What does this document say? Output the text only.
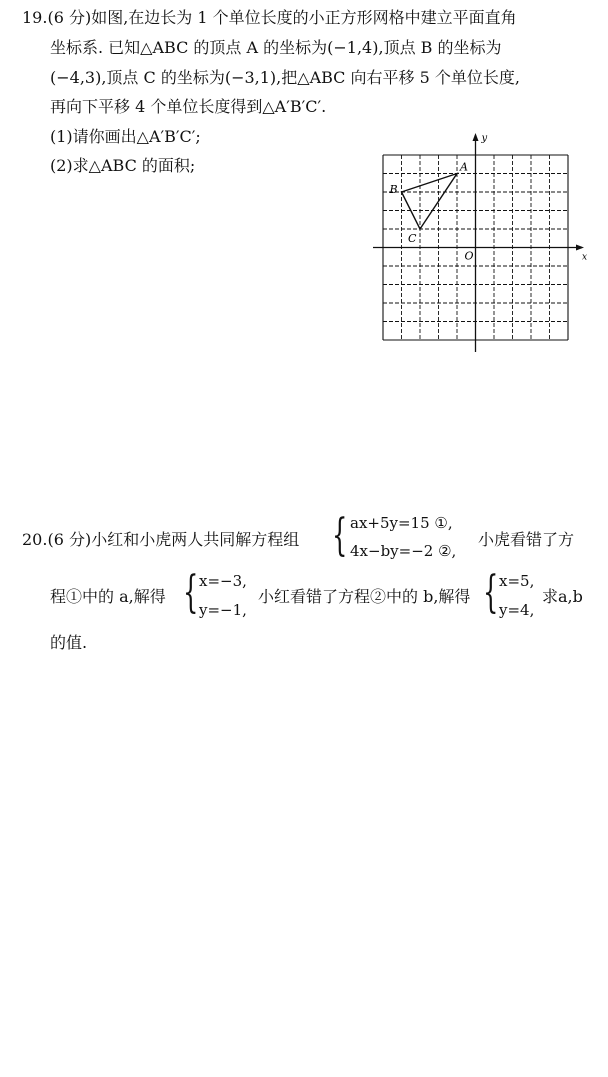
19.(6 分)如图,在边长为 1 个单位长度的小正方形网格中建立平面直角
坐标系. 已知△ABC 的顶点 A 的坐标为(−1,4),顶点 B 的坐标为
(−4,3),顶点 C 的坐标为(−3,1),把△ABC 向右平移 5 个单位长度,
再向下平移 4 个单位长度得到△A′B′C′.
(1)请你画出△A′B′C′;
(2)求△ABC 的面积;
x
y
O
A
B
C
20.(6 分)小红和小虎两人共同解方程组 { ax+5y=15 ①,
4x−by=−2 ②,
小虎看错了方
程①中的 a,解得 { x=−3,
y=−1,
小红看错了方程②中的 b,解得 { x=5,
y=4,
求a,b
的值.
